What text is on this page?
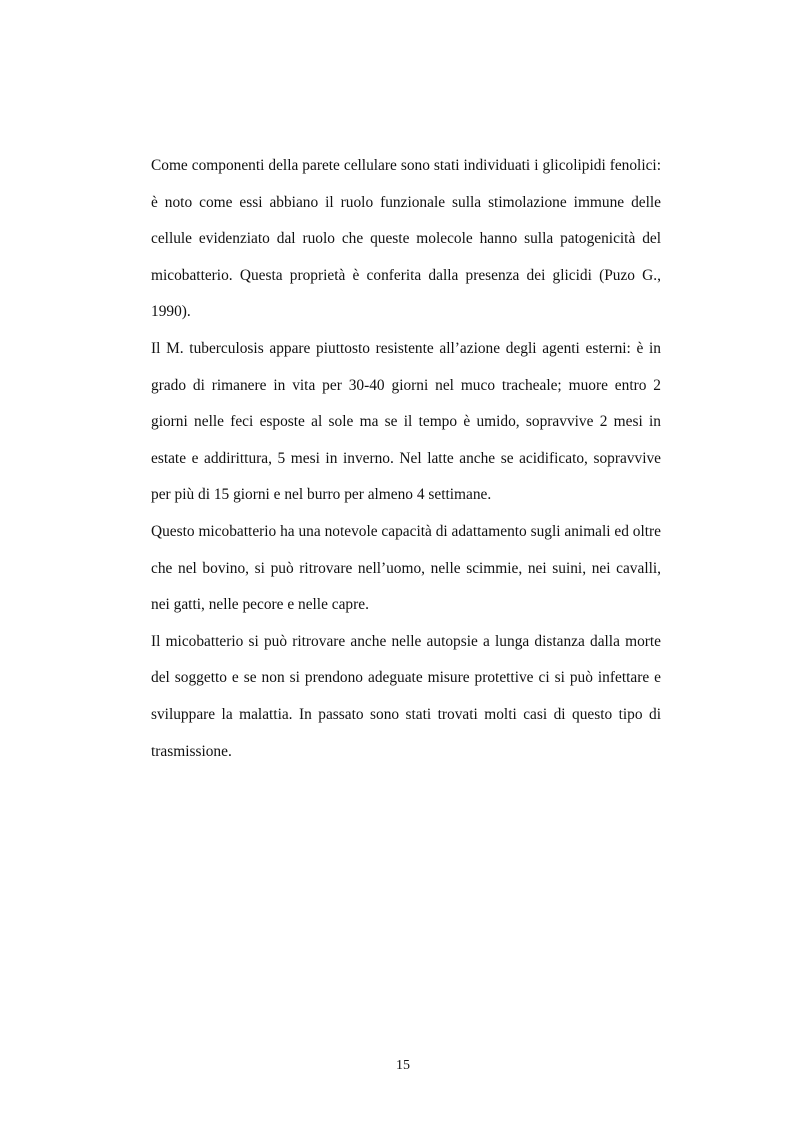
Come componenti della parete cellulare sono stati individuati i glicolipidi fenolici: è noto come essi abbiano il ruolo funzionale sulla stimolazione immune delle cellule evidenziato dal ruolo che queste molecole hanno sulla patogenicità del micobatterio. Questa proprietà è conferita dalla presenza dei glicidi (Puzo G., 1990).

Il M. tuberculosis appare piuttosto resistente all’azione degli agenti esterni: è in grado di rimanere in vita per 30-40 giorni nel muco tracheale; muore entro 2 giorni nelle feci esposte al sole ma se il tempo è umido, sopravvive 2 mesi in estate e addirittura, 5 mesi in inverno. Nel latte anche se acidificato, sopravvive per più di 15 giorni e nel burro per almeno 4 settimane.

Questo micobatterio ha una notevole capacità di adattamento sugli animali ed oltre che nel bovino, si può ritrovare nell’uomo, nelle scimmie, nei suini, nei cavalli, nei gatti, nelle pecore e nelle capre.

Il micobatterio si può ritrovare anche nelle autopsie a lunga distanza dalla morte del soggetto e se non si prendono adeguate misure protettive ci si può infettare e sviluppare la malattia. In passato sono stati trovati molti casi di questo tipo di trasmissione.

15
